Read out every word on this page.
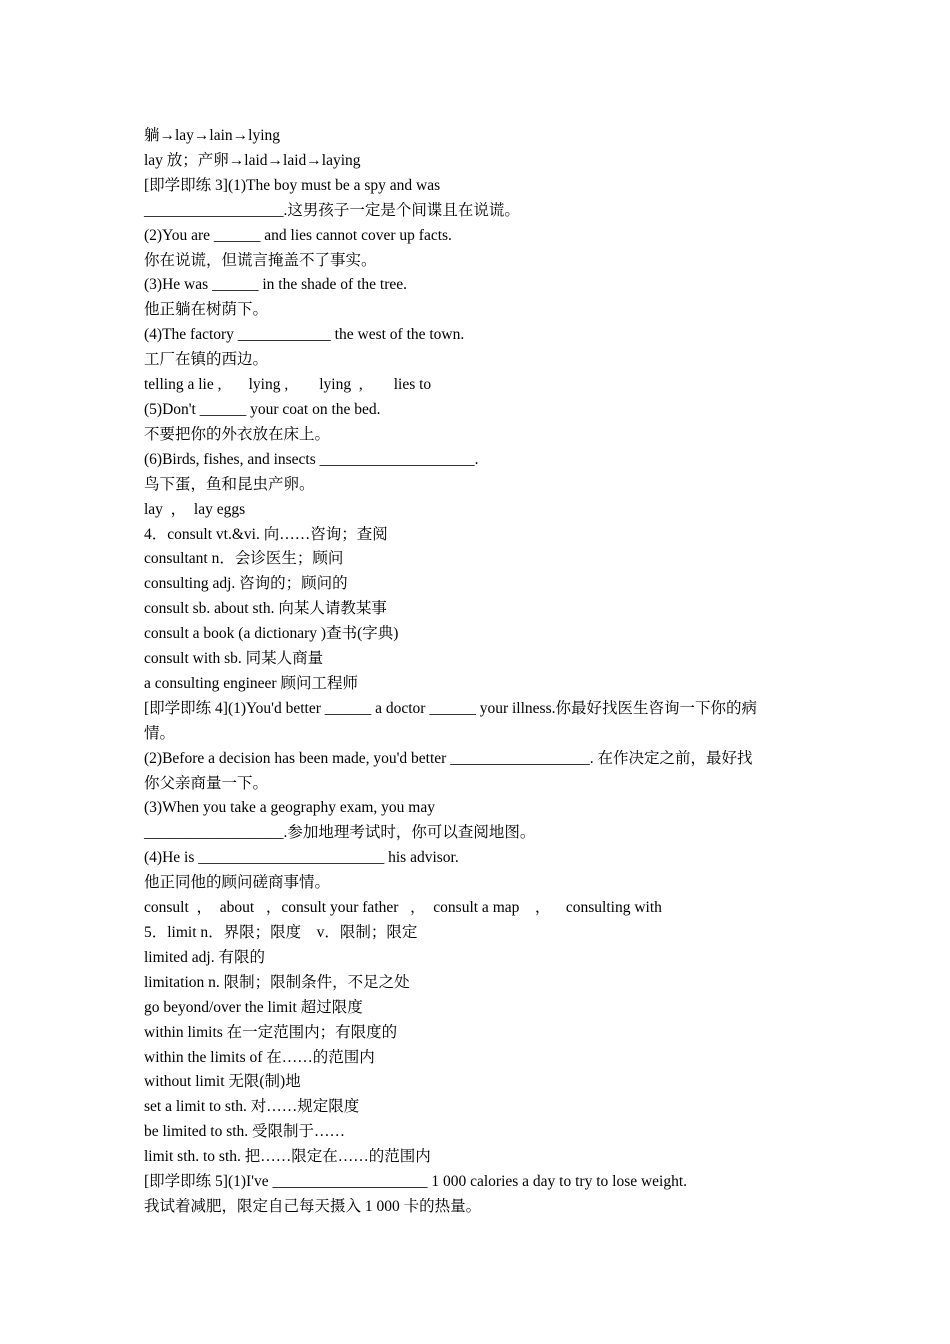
躺→lay→lain→lying

lay 放；产卵→laid→laid→laying

[即学即练 3](1)The boy must be a spy and was

__________________.这男孩子一定是个间谍且在说谎。

(2)You are ______ and lies cannot cover up facts.

你在说谎，但谎言掩盖不了事实。

(3)He was ______ in the shade of the tree.

他正躺在树荫下。

(4)The factory ____________ the west of the town.

工厂在镇的西边。

telling a lie ,       lying ,        lying  ,        lies to

(5)Don't ______ your coat on the bed.

不要把你的外衣放在床上。

(6)Birds, fishes, and insects ____________________.

鸟下蛋，鱼和昆虫产卵。

lay  ，  lay eggs

4．consult vt.&vi. 向……咨询；查阅

consultant n．会诊医生；顾问

consulting adj. 咨询的；顾问的

consult sb. about sth. 向某人请教某事

consult a book (a dictionary )查书(字典)

consult with sb. 同某人商量

a consulting engineer 顾问工程师

[即学即练 4](1)You'd better ______ a doctor ______ your illness.你最好找医生咨询一下你的病

情。

(2)Before a decision has been made, you'd better __________________. 在作决定之前，最好找

你父亲商量一下。

(3)When you take a geography exam, you may

__________________.参加地理考试时，你可以查阅地图。

(4)He is ________________________ his advisor.

他正同他的顾问磋商事情。

consult  ，  about   ，consult your father   ，  consult a map    ，    consulting with

5．limit n．界限；限度    v．限制；限定

limited adj. 有限的

limitation n. 限制；限制条件，不足之处

go beyond/over the limit 超过限度

within limits 在一定范围内；有限度的

within the limits of 在……的范围内

without limit 无限(制)地

set a limit to sth. 对……规定限度

be limited to sth. 受限制于……

limit sth. to sth. 把……限定在……的范围内

[即学即练 5](1)I've ____________________ 1 000 calories a day to try to lose weight.

我试着减肥，限定自己每天摄入 1 000 卡的热量。
